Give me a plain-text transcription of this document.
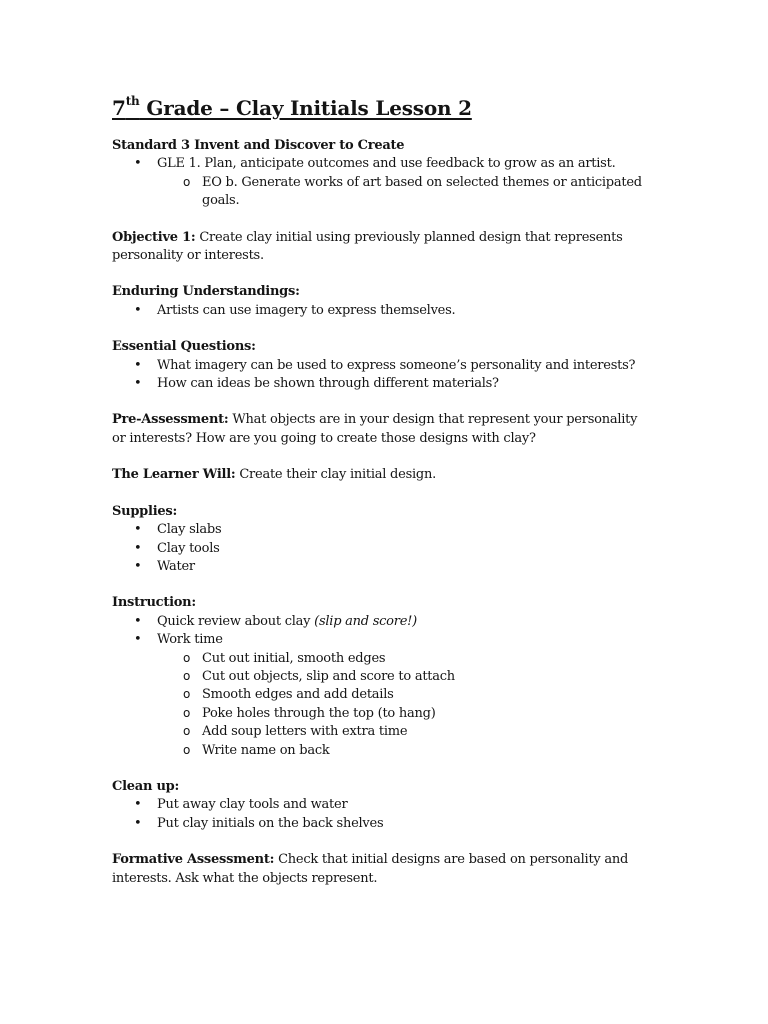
7th Grade – Clay Initials Lesson 2
Standard 3 Invent and Discover to Create
• GLE 1. Plan, anticipate outcomes and use feedback to grow as an artist.
o EO b. Generate works of art based on selected themes or anticipated goals.

Objective 1: Create clay initial using previously planned design that represents personality or interests.

Enduring Understandings:
• Artists can use imagery to express themselves.
Essential Questions:
• What imagery can be used to express someone’s personality and interests?
• How can ideas be shown through different materials?

Pre-Assessment: What objects are in your design that represent your personality or interests? How are you going to create those designs with clay?

The Learner Will: Create their clay initial design.

Supplies:
• Clay slabs
• Clay tools
• Water
Instruction:
• Quick review about clay (slip and score!)
• Work time
o Cut out initial, smooth edges
o Cut out objects, slip and score to attach
o Smooth edges and add details
o Poke holes through the top (to hang)
o Add soup letters with extra time
o Write name on back
Clean up:
• Put away clay tools and water
• Put clay initials on the back shelves

Formative Assessment: Check that initial designs are based on personality and interests. Ask what the objects represent.
